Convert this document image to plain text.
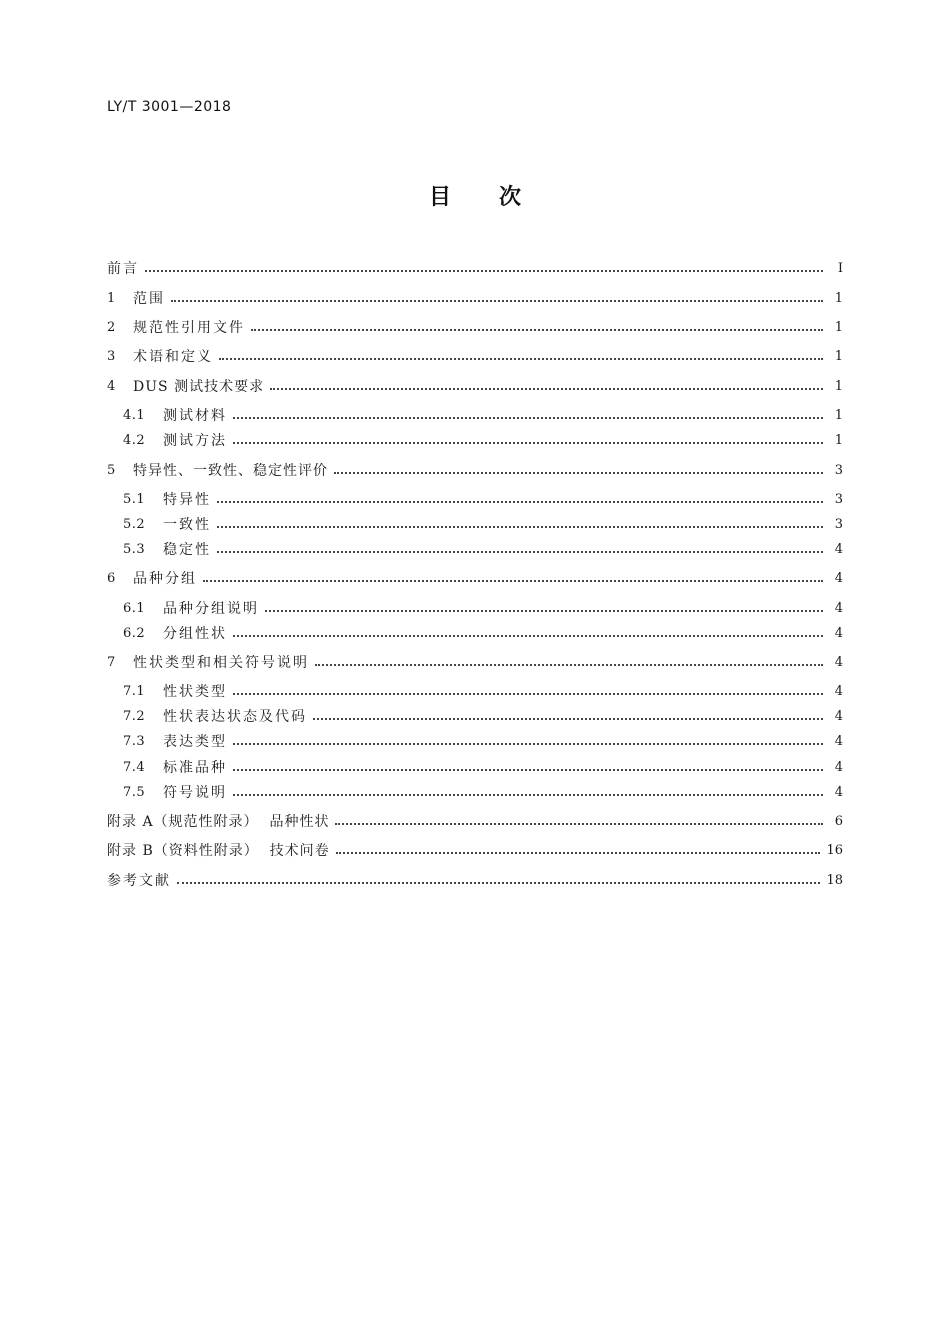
LY/T 3001—2018
目 次
前言	Ⅰ
1	范围	1
2	规范性引用文件	1
3	术语和定义	1
4	DUS 测试技术要求	1
4.1	测试材料	1
4.2	测试方法	1
5	特异性、一致性、稳定性评价	3
5.1	特异性	3
5.2	一致性	3
5.3	稳定性	4
6	品种分组	4
6.1	品种分组说明	4
6.2	分组性状	4
7	性状类型和相关符号说明	4
7.1	性状类型	4
7.2	性状表达状态及代码	4
7.3	表达类型	4
7.4	标准品种	4
7.5	符号说明	4
附录 A（规范性附录）  品种性状	6
附录 B（资料性附录）  技术问卷	16
参考文献	18
